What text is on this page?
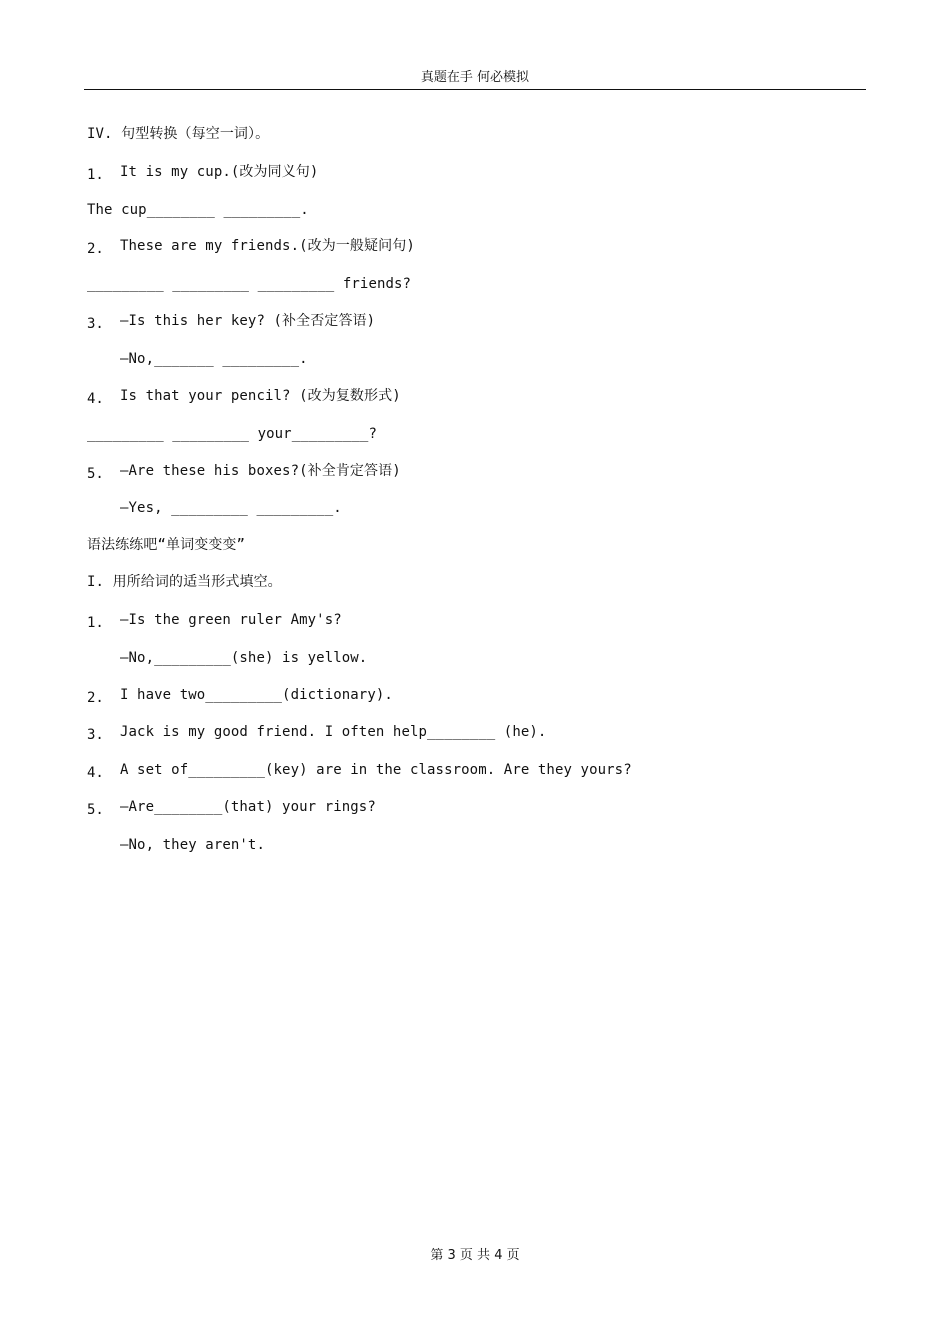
真题在手 何必模拟
IV. 句型转换（每空一词）。
1. It is my cup.(改为同义句)
The cup________ _________.
2. These are my friends.(改为一般疑问句)
_________ _________ _________ friends?
3. —Is this her key? (补全否定答语)
—No,_______ _________.
4. Is that your pencil? (改为复数形式)
_________ _________ your_________?
5. —Are these his boxes?(补全肯定答语)
—Yes, _________ _________.
语法练练吧“单词变变变”
I. 用所给词的适当形式填空。
1. —Is the green ruler Amy's?
—No,_________(she) is yellow.
2. I have two_________(dictionary).
3. Jack is my good friend. I often help________ (he).
4. A set of_________(key) are in the classroom. Are they yours?
5. —Are________(that) your rings?
—No, they aren't.
第 3 页 共 4 页
